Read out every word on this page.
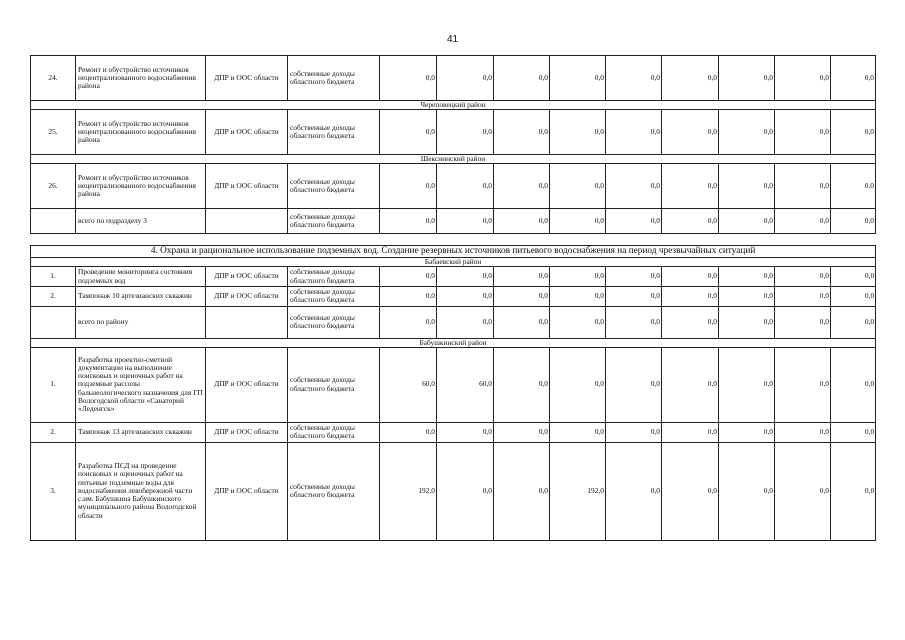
41
24.	Ремонт и обустройство источников нецентрализованного водоснабжения района	ДПР и ООС области	собственные доходы областного бюджета	0,0	0,0	0,0	0,0	0,0	0,0	0,0	0,0	0,0	
Череповецкий район													
25.	Ремонт и обустройство источников нецентрализованного водоснабжения района	ДПР и ООС области	собственные доходы областного бюджета	0,0	0,0	0,0	0,0	0,0	0,0	0,0	0,0	0,0	
Шекснинский район													
26.	Ремонт и обустройство источников нецентрализованного водоснабжения района	ДПР и ООС области	собственные доходы областного бюджета	0,0	0,0	0,0	0,0	0,0	0,0	0,0	0,0	0,0	
	всего по подразделу 3		собственные доходы областного бюджета	0,0	0,0	0,0	0,0	0,0	0,0	0,0	0,0	0,0	
4. Охрана и рациональное использование подземных вод. Создание резервных источников питьевого водоснабжения на период чрезвычайных ситуаций													
Бабаевский район													
1.	Проведение мониторинга состояния подземных вод	ДПР и ООС области	собственные доходы областного бюджета	0,0	0,0	0,0	0,0	0,0	0,0	0,0	0,0	0,0	
2.	Тампонаж 10 артезианских скважин	ДПР и ООС области	собственные доходы областного бюджета	0,0	0,0	0,0	0,0	0,0	0,0	0,0	0,0	0,0	
	всего по району		собственные доходы областного бюджета	0,0	0,0	0,0	0,0	0,0	0,0	0,0	0,0	0,0	
Бабушкинский район													
1.	Разработка проектно-сметной документации на выполнение поисковых и оценочных работ на подземные рассолы бальнеологического назначения для ГП Вологодской области «Санаторий «Леденгск»	ДПР и ООС области	собственные доходы областного бюджета	60,0	60,0	0,0	0,0	0,0	0,0	0,0	0,0	0,0	
2.	Тампонаж 13 артезианских скважин	ДПР и ООС области	собственные доходы областного бюджета	0,0	0,0	0,0	0,0	0,0	0,0	0,0	0,0	0,0	
3.	Разработка ПСД на проведение поисковых и оценочных работ на питьевые подземные воды для водоснабжения левобережной части с.им. Бабушкина Бабушкинского муниципального района Вологодской области	ДПР и ООС области	собственные доходы областного бюджета	192,0	0,0	0,0	192,0	0,0	0,0	0,0	0,0	0,0	
